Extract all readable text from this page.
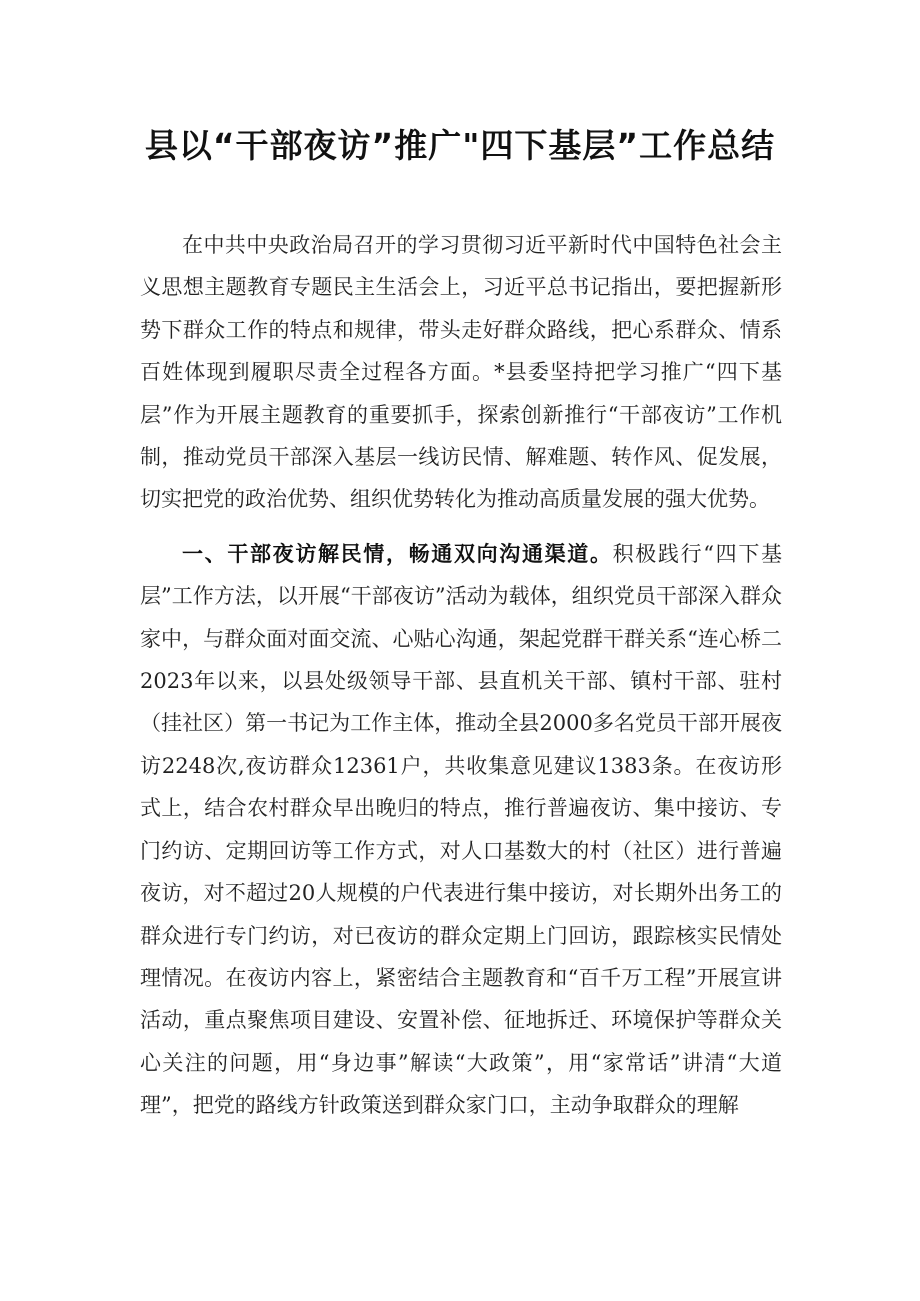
县以“干部夜访”推广"四下基层”工作总结

在中共中央政治局召开的学习贯彻习近平新时代中国特色社会主义思想主题教育专题民主生活会上，习近平总书记指出，要把握新形势下群众工作的特点和规律，带头走好群众路线，把心系群众、情系百姓体现到履职尽责全过程各方面。*县委坚持把学习推广“四下基层”作为开展主题教育的重要抓手，探索创新推行“干部夜访”工作机制，推动党员干部深入基层一线访民情、解难题、转作风、促发展，切实把党的政治优势、组织优势转化为推动高质量发展的强大优势。

一、干部夜访解民情，畅通双向沟通渠道。积极践行“四下基层”工作方法，以开展“干部夜访”活动为载体，组织党员干部深入群众家中，与群众面对面交流、心贴心沟通，架起党群干群关系“连心桥二2023年以来，以县处级领导干部、县直机关干部、镇村干部、驻村（挂社区）第一书记为工作主体，推动全县2000多名党员干部开展夜访2248次,夜访群众12361户，共收集意见建议1383条。在夜访形式上，结合农村群众早出晚归的特点，推行普遍夜访、集中接访、专门约访、定期回访等工作方式，对人口基数大的村（社区）进行普遍夜访，对不超过20人规模的户代表进行集中接访，对长期外出务工的群众进行专门约访，对已夜访的群众定期上门回访，跟踪核实民情处理情况。在夜访内容上，紧密结合主题教育和“百千万工程”开展宣讲活动，重点聚焦项目建设、安置补偿、征地拆迁、环境保护等群众关心关注的问题，用“身边事”解读“大政策”，用“家常话”讲清“大道理”，把党的路线方针政策送到群众家门口，主动争取群众的理解
